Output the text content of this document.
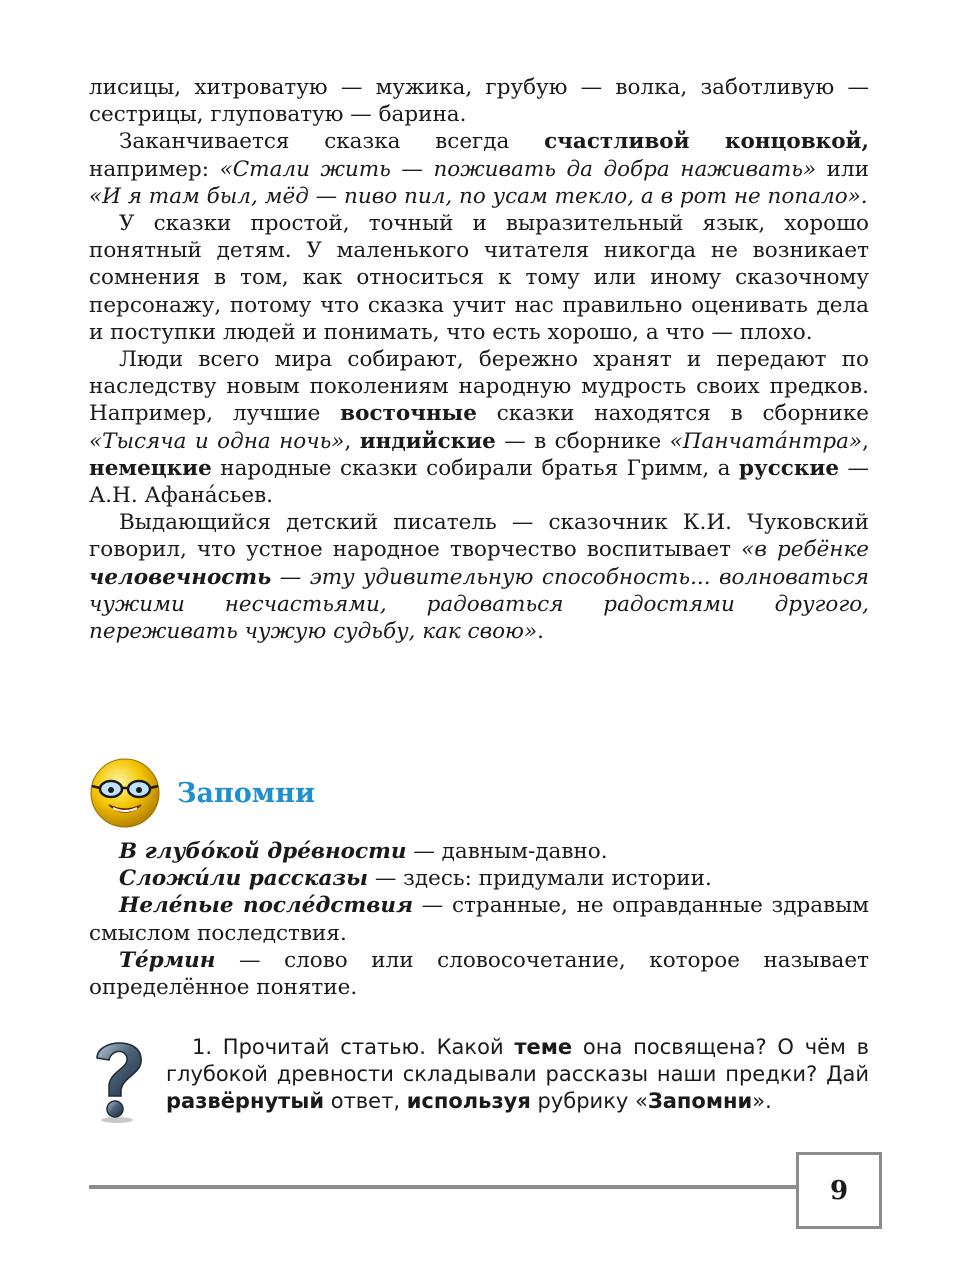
лисицы, хитроватую — мужика, грубую — волка, заботливую — сестрицы, глуповатую — барина.

Заканчивается сказка всегда счастливой концовкой, например: «Стали жить — поживать да добра наживать» или «И я там был, мёд — пиво пил, по усам текло, а в рот не попало».

У сказки простой, точный и выразительный язык, хорошо понятный детям. У маленького читателя никогда не возникает сомнения в том, как относиться к тому или иному сказочному персонажу, потому что сказка учит нас правильно оценивать дела и поступки людей и понимать, что есть хорошо, а что — плохо.

Люди всего мира собирают, бережно хранят и передают по наследству новым поколениям народную мудрость своих предков. Например, лучшие восточные сказки находятся в сборнике «Тысяча и одна ночь», индийские — в сборнике «Панчата́нтра», немецкие народные сказки собирали братья Гримм, а русские — А.Н. Афана́сьев.

Выдающийся детский писатель — сказочник К.И. Чуковский говорил, что устное народное творчество воспитывает «в ребёнке человечность — эту удивительную способность... волноваться чужими несчастьями, радоваться радостями другого, переживать чужую судьбу, как свою».

Запомни

В глубо́кой дре́вности — давным-давно.

Сложи́ли рассказы — здесь: придумали истории.

Неле́пые после́дствия — странные, не оправданные здравым смыслом последствия.

Те́рмин — слово или словосочетание, которое называет определённое понятие.

1. Прочитай статью. Какой теме она посвящена? О чём в глубокой древности складывали рассказы наши предки? Дай развёрнутый ответ, используя рубрику «Запомни».

9
